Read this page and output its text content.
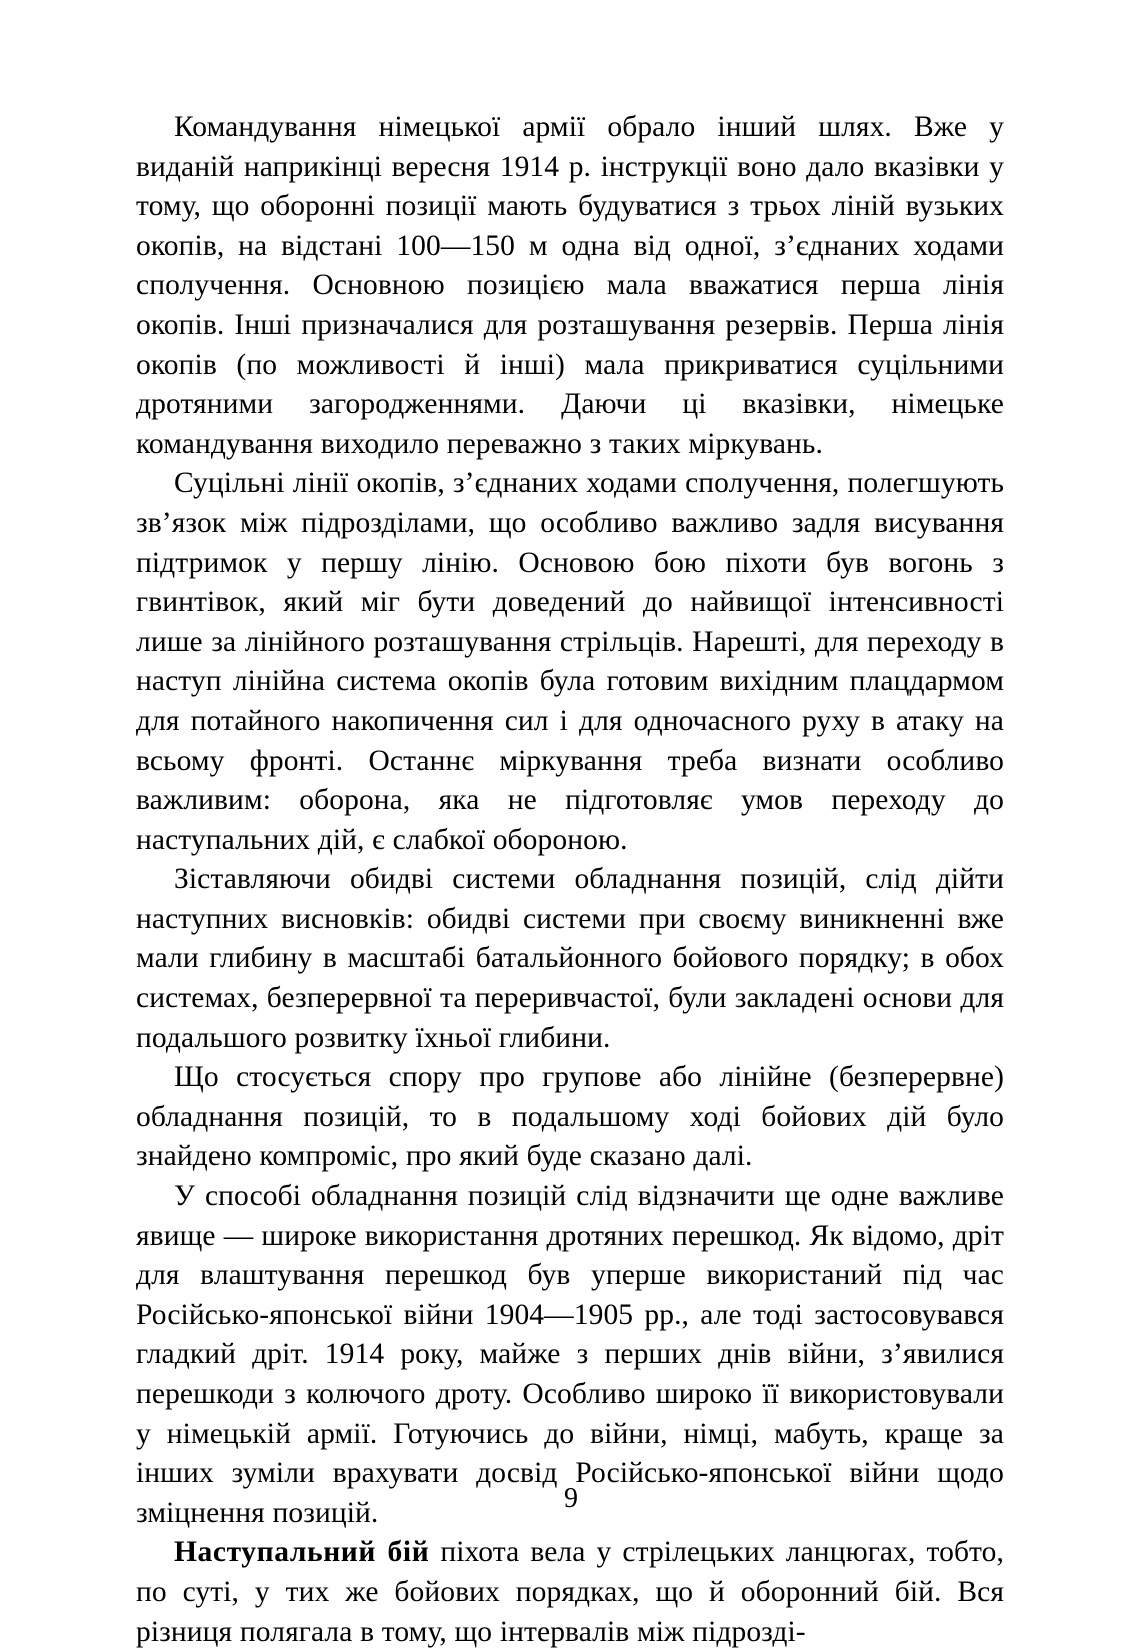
Командування німецької армії обрало інший шлях. Вже у виданій наприкінці вересня 1914 р. інструкції воно дало вказівки у тому, що оборонні позиції мають будуватися з трьох ліній вузьких окопів, на відстані 100—150 м одна від одної, з’єднаних ходами сполучення. Основною позицією мала вважатися перша лінія окопів. Інші призначалися для розташування резервів. Перша лінія окопів (по можливості й інші) мала прикриватися суцільними дротяними загородженнями. Даючи ці вказівки, німецьке командування виходило переважно з таких міркувань.

Суцільні лінії окопів, з’єднаних ходами сполучення, полегшують зв’язок між підрозділами, що особливо важливо задля висування підтримок у першу лінію. Основою бою піхоти був вогонь з гвинтівок, який міг бути доведений до найвищої інтенсивності лише за лінійного розташування стрільців. Нарешті, для переходу в наступ лінійна система окопів була готовим вихідним плацдармом для потайного накопичення сил і для одночасного руху в атаку на всьому фронті. Останнє міркування треба визнати особливо важливим: оборона, яка не підготовляє умов переходу до наступальних дій, є слабкої обороною.

Зіставляючи обидві системи обладнання позицій, слід дійти наступних висновків: обидві системи при своєму виникненні вже мали глибину в масштабі батальйонного бойового порядку; в обох системах, безперервної та переривчастої, були закладені основи для подальшого розвитку їхньої глибини.

Що стосується спору про групове або лінійне (безперервне) обладнання позицій, то в подальшому ході бойових дій було знайдено компроміс, про який буде сказано далі.

У способі обладнання позицій слід відзначити ще одне важливе явище — широке використання дротяних перешкод. Як відомо, дріт для влаштування перешкод був уперше використаний під час Російсько-японської війни 1904—1905 рр., але тоді застосовувався гладкий дріт. 1914 року, майже з перших днів війни, з’явилися перешкоди з колючого дроту. Особливо широко її використовували у німецькій армії. Готуючись до війни, німці, мабуть, краще за інших зуміли врахувати досвід Російсько-японської війни щодо зміцнення позицій.

Наступальний бій піхота вела у стрілецьких ланцюгах, тобто, по суті, у тих же бойових порядках, що й оборонний бій. Вся різниця полягала в тому, що інтервалів між підрозді-

9
